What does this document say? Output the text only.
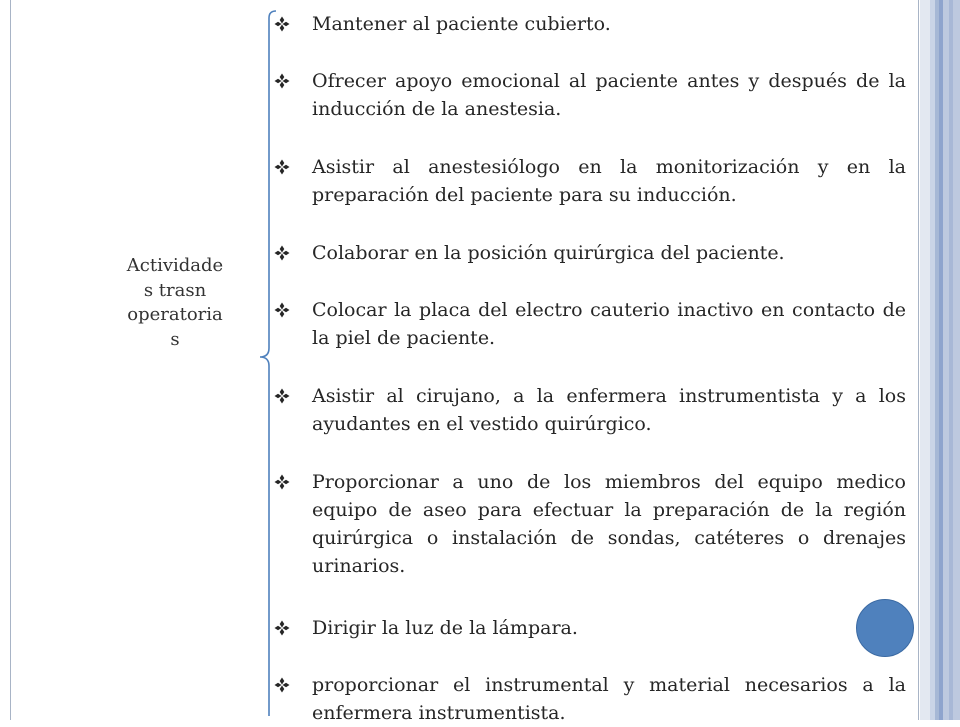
Actividade
s trasn
operatoria
s
Mantener al paciente cubierto.
Ofrecer apoyo emocional al paciente antes y después de la inducción de la anestesia.
Asistir al anestesiólogo en la monitorización y en la preparación del paciente para su inducción.
Colaborar en la posición quirúrgica del paciente.
Colocar la placa del electro cauterio inactivo en contacto de la piel de paciente.
Asistir al cirujano, a la enfermera instrumentista y a los ayudantes en el vestido quirúrgico.
Proporcionar a uno de los miembros del equipo medico equipo de aseo para efectuar la preparación de la región quirúrgica o instalación de sondas, catéteres o drenajes urinarios.
Dirigir la luz de la lámpara.
proporcionar el instrumental y material necesarios a la enfermera instrumentista.
